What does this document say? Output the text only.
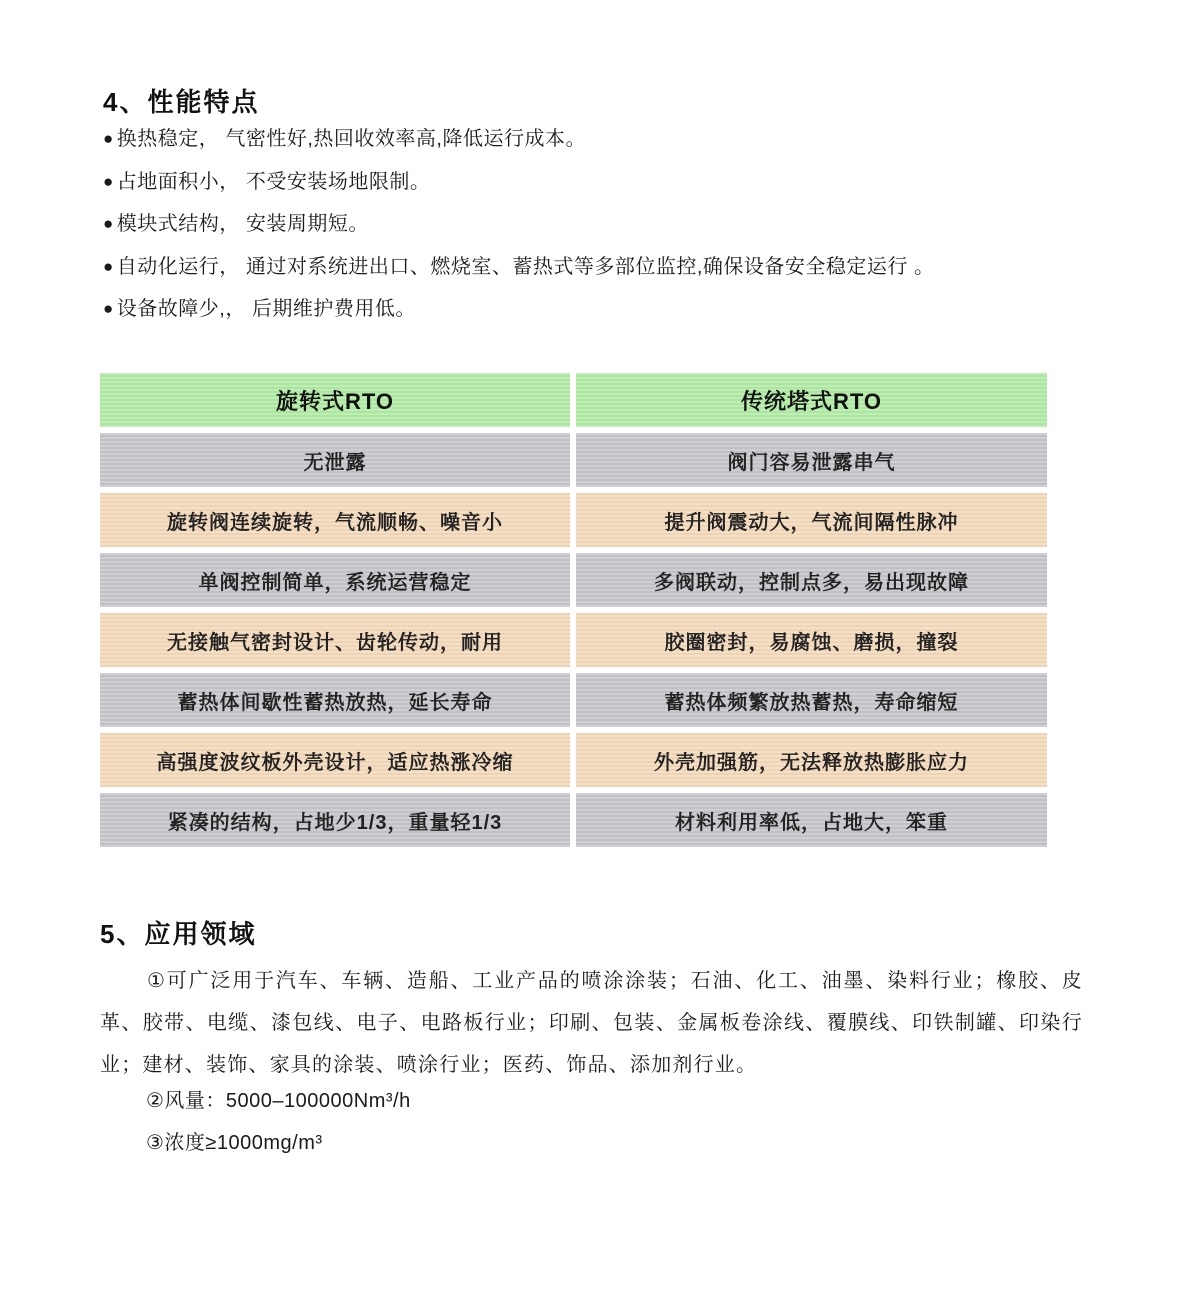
4、性能特点
● 换热稳定， 气密性好,热回收效率高,降低运行成本。
● 占地面积小， 不受安装场地限制。
● 模块式结构， 安装周期短。
● 自动化运行， 通过对系统进出口、燃烧室、蓄热式等多部位监控,确保设备安全稳定运行 。
● 设备故障少,， 后期维护费用低。
旋转式RTO	传统塔式RTO
无泄露	阀门容易泄露串气
旋转阀连续旋转，气流顺畅、噪音小	提升阀震动大，气流间隔性脉冲
单阀控制简单，系统运营稳定	多阀联动，控制点多，易出现故障
无接触气密封设计、齿轮传动，耐用	胶圈密封，易腐蚀、磨损，撞裂
蓄热体间歇性蓄热放热，延长寿命	蓄热体频繁放热蓄热，寿命缩短
高强度波纹板外壳设计，适应热涨冷缩	外壳加强筋，无法释放热膨胀应力
紧凑的结构，占地少1/3，重量轻1/3	材料利用率低，占地大，笨重
5、应用领域

①可广泛用于汽车、车辆、造船、工业产品的喷涂涂装；石油、化工、油墨、染料行业；橡胶、皮革、胶带、电缆、漆包线、电子、电路板行业；印刷、包装、金属板卷涂线、覆膜线、印铁制罐、印染行业；建材、装饰、家具的涂装、喷涂行业；医药、饰品、添加剂行业。

②风量：5000–100000Nm³/h

③浓度≥1000mg/m³
